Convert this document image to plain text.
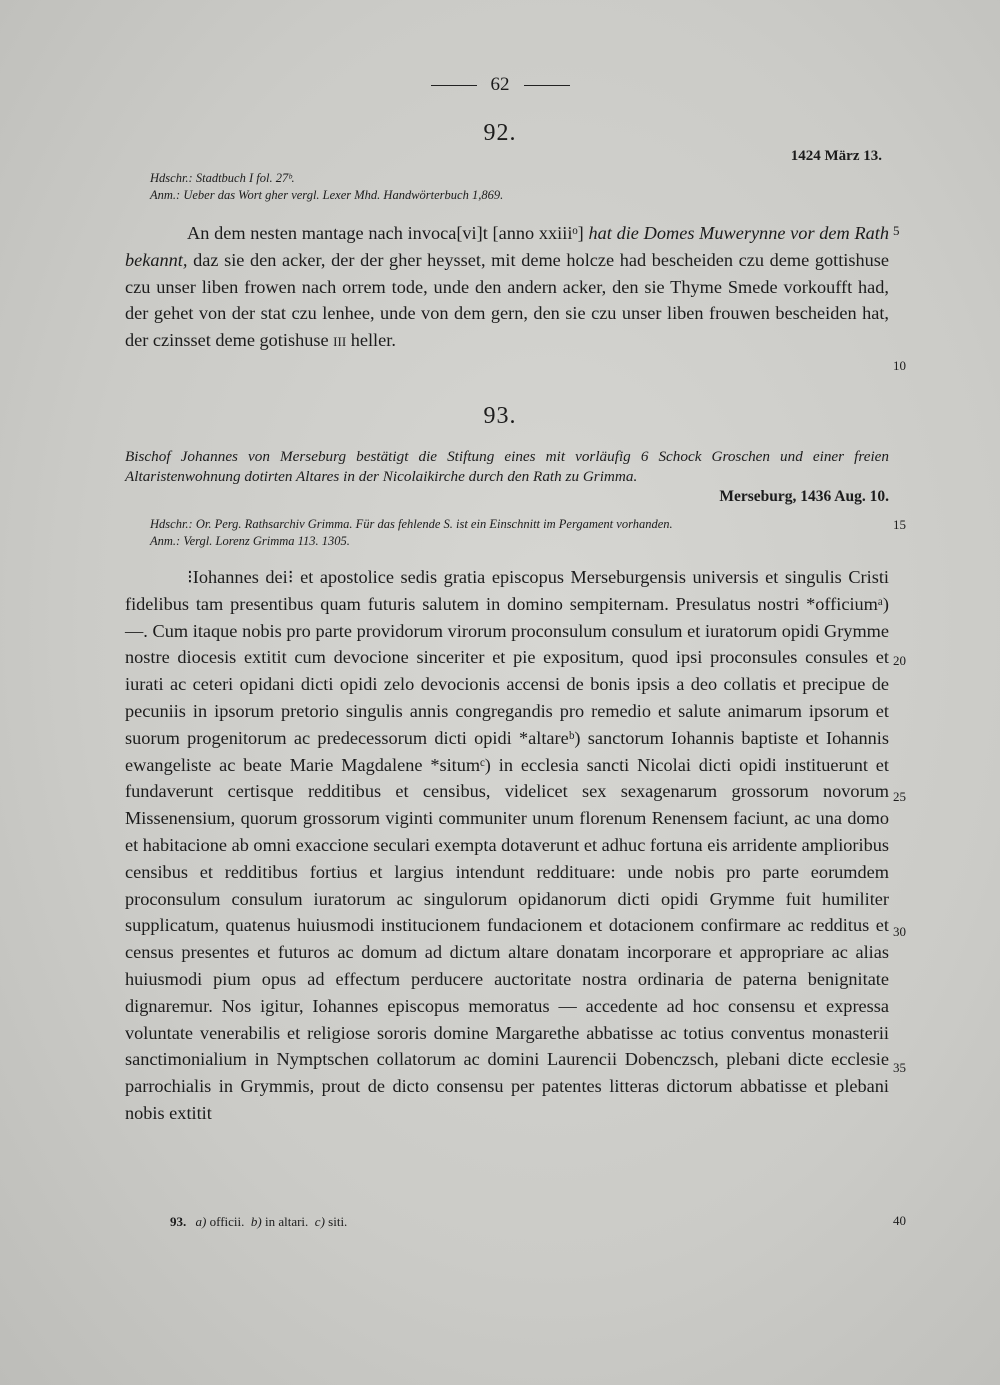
62
92.
1424 März 13.
Hdschr.: Stadtbuch I fol. 27ᵇ.
Anm.: Ueber das Wort gher vergl. Lexer Mhd. Handwörterbuch 1,869.

An dem nesten mantage nach invoca[vi]t [anno xxiiiᵒ] hat die Domes Muwerynne vor dem Rath bekannt, daz sie den acker, der der gher heysset, mit deme holcze had bescheiden czu deme gottishuse czu unser liben frowen nach orrem tode, unde den andern acker, den sie Thyme Smede vorkoufft had, der gehet von der stat czu lenhee, unde von dem gern, den sie czu unser liben frouwen bescheiden hat, der czinsset deme gotishuse iii heller.

93.
Bischof Johannes von Merseburg bestätigt die Stiftung eines mit vorläufig 6 Schock Groschen und einer freien Altaristenwohnung dotirten Altares in der Nicolaikirche durch den Rath zu Grimma.
Merseburg, 1436 Aug. 10.
Hdschr.: Or. Perg. Rathsarchiv Grimma. Für das fehlende S. ist ein Einschnitt im Pergament vorhanden.
Anm.: Vergl. Lorenz Grimma 113. 1305.

⁝Iohannes dei⁝ et apostolice sedis gratia episcopus Merseburgensis universis et singulis Cristi fidelibus tam presentibus quam futuris salutem in domino sempiternam. Presulatus nostri *officiumᵃ) —. Cum itaque nobis pro parte providorum virorum proconsulum consulum et iuratorum opidi Grymme nostre diocesis extitit cum devocione sinceriter et pie expositum, quod ipsi proconsules consules et iurati ac ceteri opidani dicti opidi zelo devocionis accensi de bonis ipsis a deo collatis et precipue de pecuniis in ipsorum pretorio singulis annis congregandis pro remedio et salute animarum ipsorum et suorum progenitorum ac predecessorum dicti opidi *altareᵇ) sanctorum Iohannis baptiste et Iohannis ewangeliste ac beate Marie Magdalene *situmᶜ) in ecclesia sancti Nicolai dicti opidi instituerunt et fundaverunt certisque redditibus et censibus, videlicet sex sexagenarum grossorum novorum Missenensium, quorum grossorum viginti communiter unum florenum Renensem faciunt, ac una domo et habitacione ab omni exaccione seculari exempta dotaverunt et adhuc fortuna eis arridente amplioribus censibus et redditibus fortius et largius intendunt reddituare: unde nobis pro parte eorumdem proconsulum consulum iuratorum ac singulorum opidanorum dicti opidi Grymme fuit humiliter supplicatum, quatenus huiusmodi institucionem fundacionem et dotacionem confirmare ac redditus et census presentes et futuros ac domum ad dictum altare donatam incorporare et appropriare ac alias huiusmodi pium opus ad effectum perducere auctoritate nostra ordinaria de paterna benignitate dignaremur. Nos igitur, Iohannes episcopus memoratus — accedente ad hoc consensu et expressa voluntate venerabilis et religiose sororis domine Margarethe abbatisse ac totius conventus monasterii sanctimonialium in Nymptschen collatorum ac domini Laurencii Dobenczsch, plebani dicte ecclesie parrochialis in Grymmis, prout de dicto consensu per patentes litteras dictorum abbatisse et plebani nobis extitit

5
10
15
20
25
30
35
40
93. a) officii. b) in altari. c) siti.
